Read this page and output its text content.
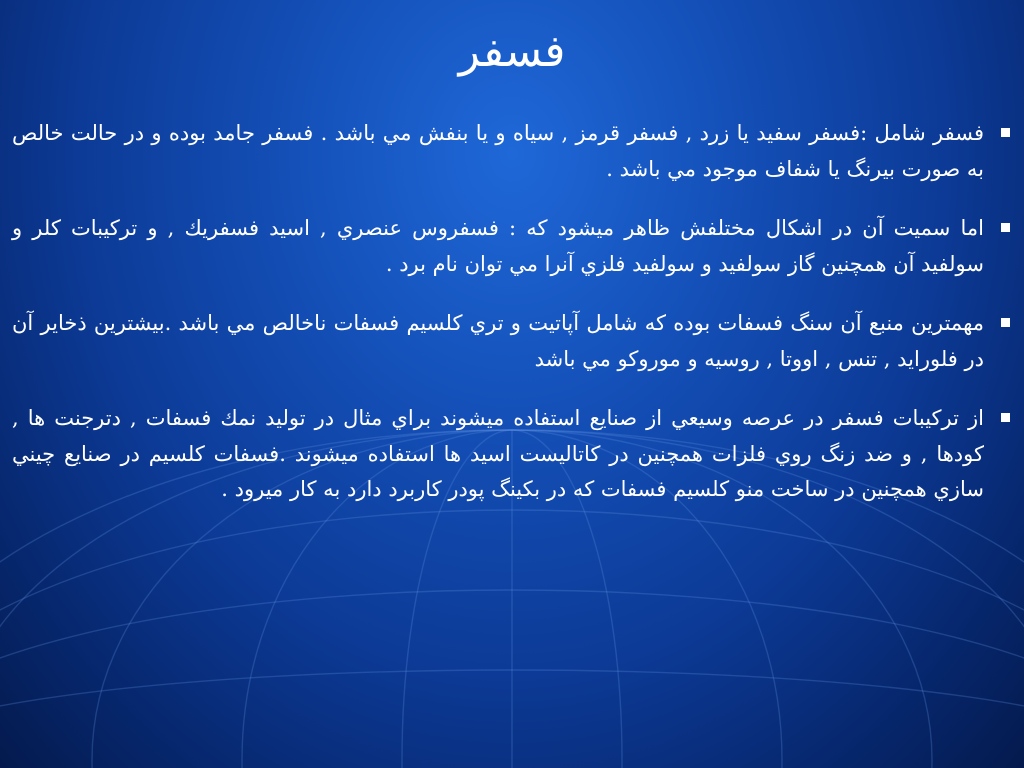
فسفر
فسفر شامل :فسفر سفيد يا زرد , فسفر قرمز , سياه و يا بنفش مي باشد . فسفر جامد بوده و در حالت خالص به صورت بيرنگ يا شفاف موجود مي باشد .
اما سميت آن در اشكال مختلفش ظاهر ميشود كه : فسفروس عنصري , اسيد فسفريك , و تركيبات كلر و سولفيد آن همچنين گاز سولفيد و سولفيد فلزي آنرا مي توان نام برد .
مهمترين منبع آن سنگ فسفات بوده كه شامل آپاتيت و تري كلسيم فسفات ناخالص مي باشد .بيشترين ذخاير آن در فلورايد , تنس , اووتا , روسيه و موروكو مي باشد
از تركيبات فسفر در عرصه وسيعي از صنايع استفاده ميشوند براي مثال در توليد نمك فسفات , دترجنت ها , كودها , و ضد زنگ روي فلزات همچنين در كاتاليست اسيد ها استفاده ميشوند .فسفات كلسيم در صنايع چيني سازي همچنين در ساخت منو كلسيم فسفات كه در بكينگ پودر كاربرد دارد به كار ميرود .
